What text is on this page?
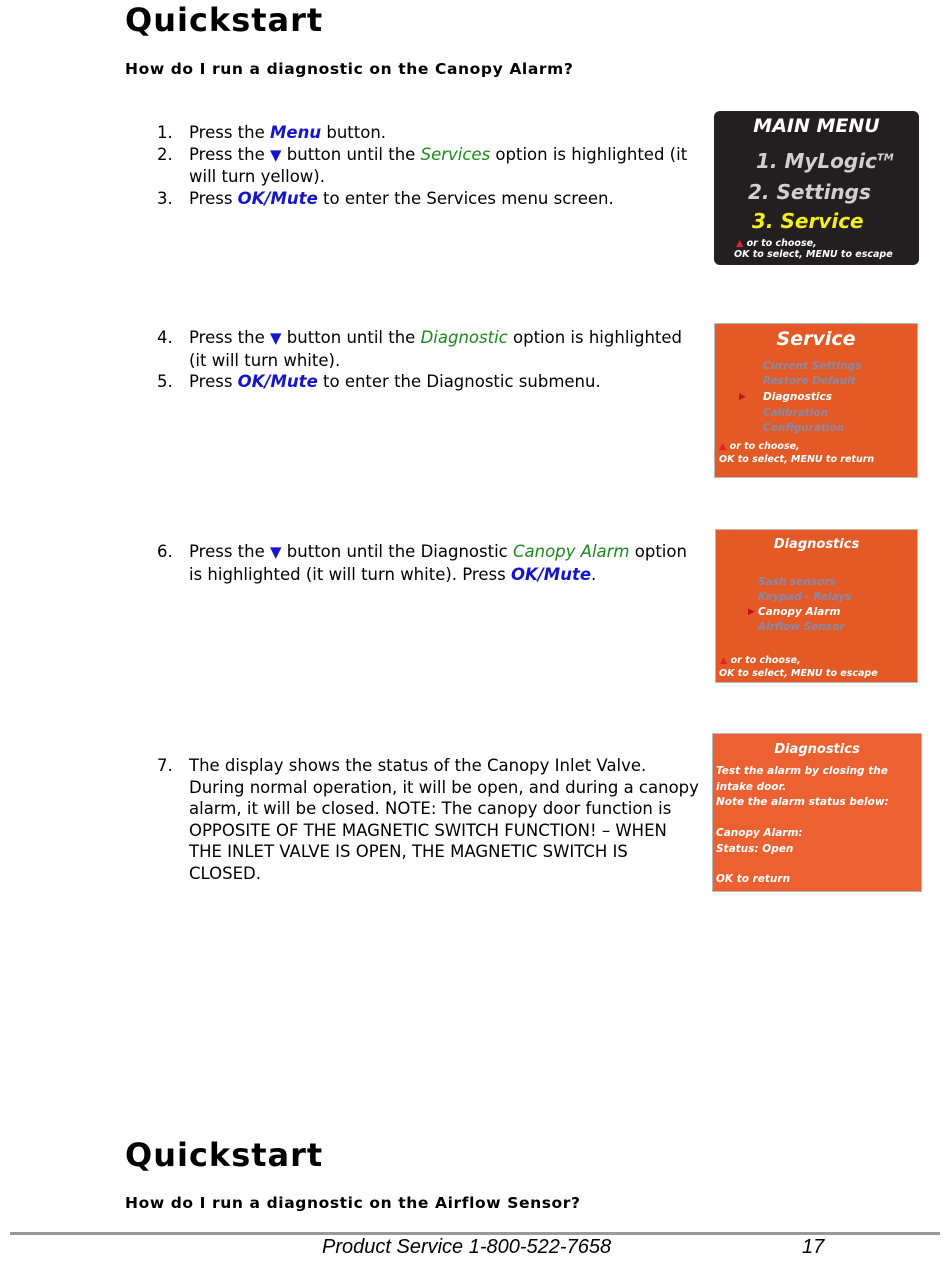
Quickstart
How do I run a diagnostic on the Canopy Alarm?
1. Press the Menu button.
2. Press the ▼ button until the Services option is highlighted (it will turn yellow).
3. Press OK/Mute to enter the Services menu screen.
4. Press the ▼ button until the Diagnostic option is highlighted (it will turn white).
5. Press OK/Mute to enter the Diagnostic submenu.
6. Press the ▼ button until the Diagnostic Canopy Alarm option is highlighted (it will turn white). Press OK/Mute.
7. The display shows the status of the Canopy Inlet Valve. During normal operation, it will be open, and during a canopy alarm, it will be closed. NOTE: The canopy door function is OPPOSITE OF THE MAGNETIC SWITCH FUNCTION! – WHEN THE INLET VALVE IS OPEN, THE MAGNETIC SWITCH IS CLOSED.
MAIN MENU
1. MyLogic™
2. Settings
3. Service
▲ or to choose,
OK to select, MENU to escape
Service
Current Settings
Restore Default
▶ Diagnostics
Calibration
Configuration
▲ or to choose,
OK to select, MENU to return
Diagnostics
Sash sensors
Keypad - Relays
▶ Canopy Alarm
Airflow Sensor
▲ or to choose,
OK to select, MENU to escape
Diagnostics
Test the alarm by closing the
intake door.
Note the alarm status below:
Canopy Alarm:
Status: Open
OK to return
Quickstart
How do I run a diagnostic on the Airflow Sensor?
Product Service 1-800-522-7658	17
